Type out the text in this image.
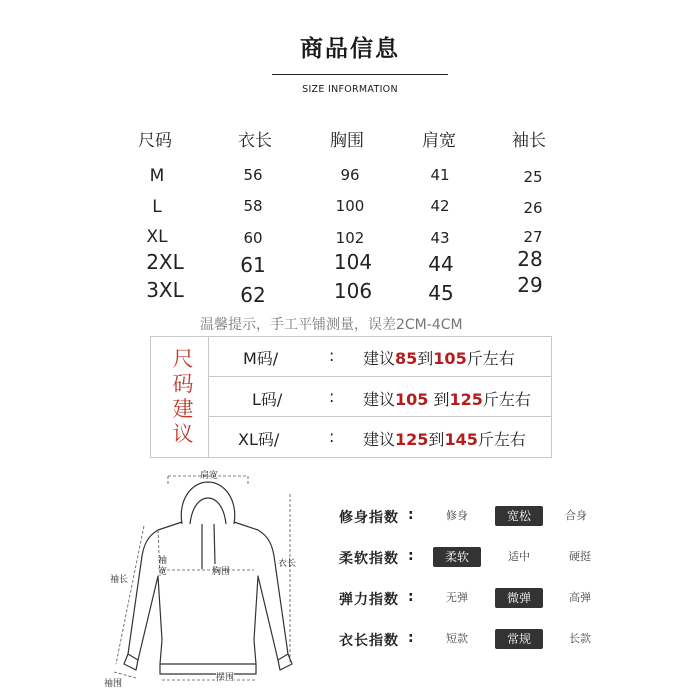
商品信息
SIZE INFORMATION
尺码	衣长	胸围	肩宽	袖长
M	56	96	41	25
L	58	100	42	26
XL	60	102	43	27
2XL	61	104	44	28
3XL	62	106	45	29
温馨提示，手工平铺测量，误差2CM-4CM
尺
码
建
议
M码/	: 建议85到105斤左右
L码/	: 建议105 到125斤左右
XL码/	: 建议125到145斤左右
肩宽
胸围
衣长
袖宽
袖长
摆围
袖围
修身指数 :	修身	宽松	合身
柔软指数 :	柔软	适中	硬挺
弹力指数 :	无弹	微弹	高弹
衣长指数 :	短款	常规	长款
